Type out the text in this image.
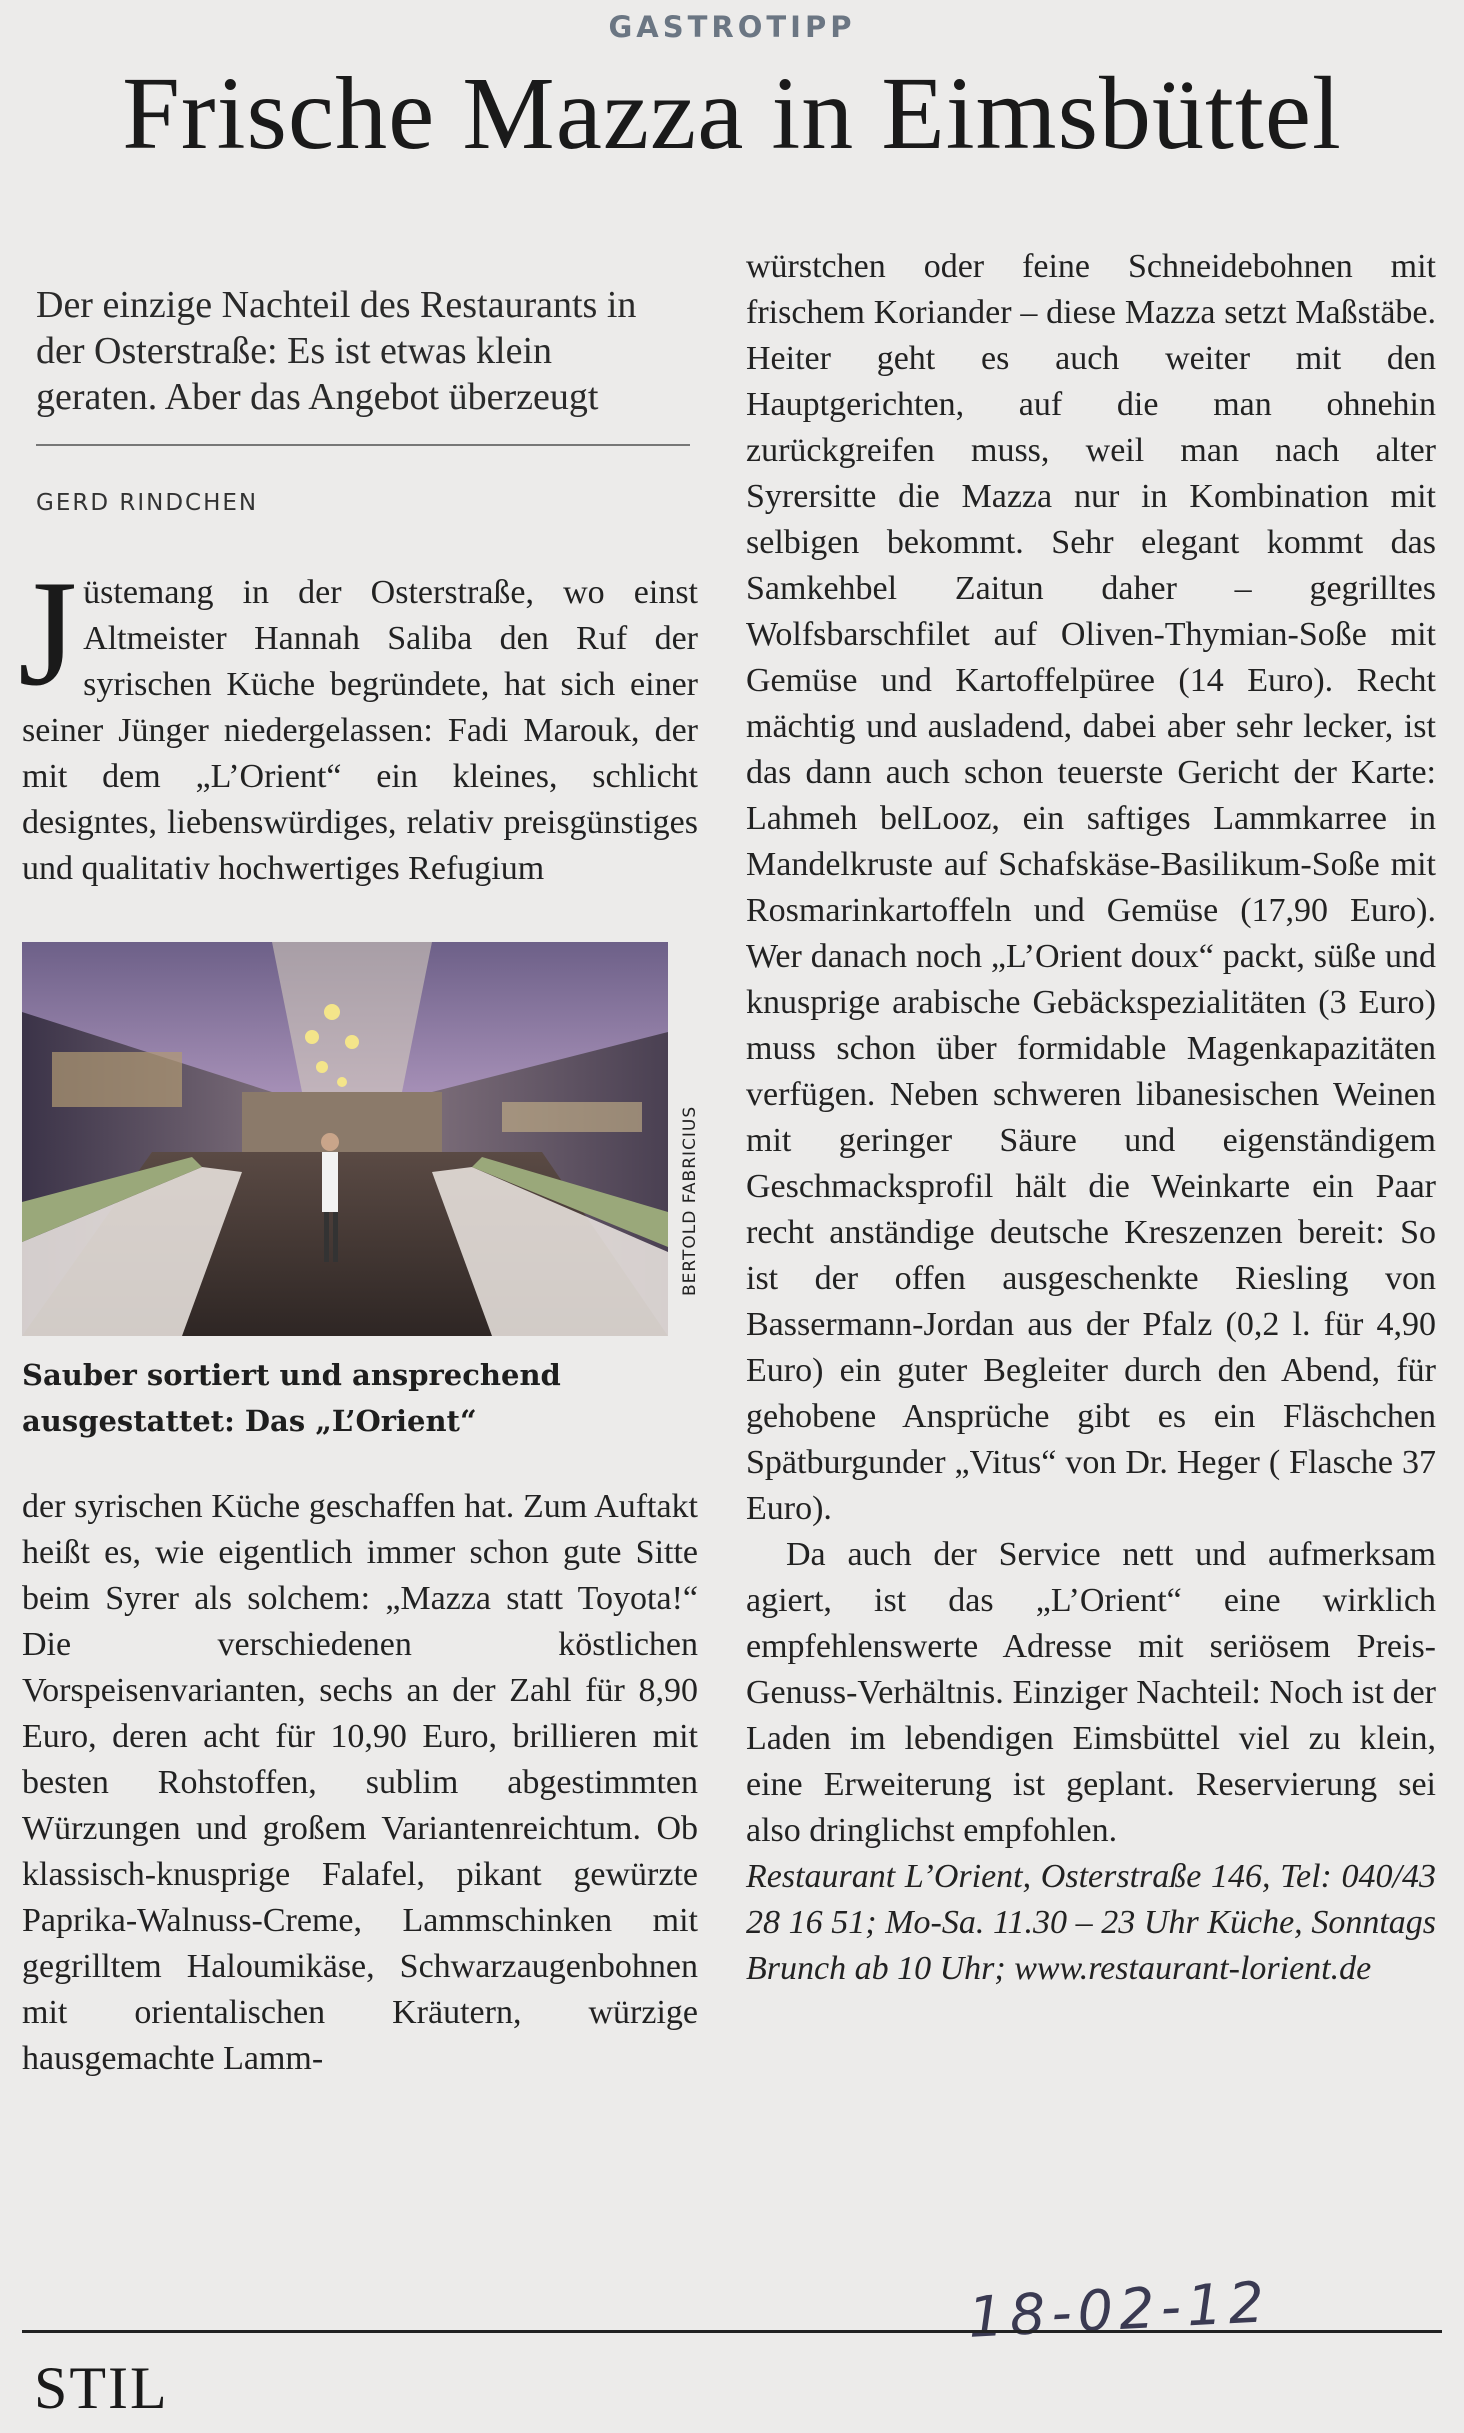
GASTROTIPP
Frische Mazza in Eimsbüttel
Der einzige Nachteil des Restaurants in der Osterstraße: Es ist etwas klein geraten. Aber das Angebot überzeugt
GERD RINDCHEN
J üstemang in der Osterstraße, wo einst Altmeister Hannah Saliba den Ruf der syrischen Küche begründete, hat sich einer seiner Jünger niedergelassen: Fadi Marouk, der mit dem „L’Orient“ ein kleines, schlicht designtes, liebenswürdiges, relativ preisgünstiges und qualitativ hochwertiges Refugium
Sauber sortiert und ansprechend ausgestattet: Das „L’Orient“
der syrischen Küche geschaffen hat. Zum Auftakt heißt es, wie eigentlich immer schon gute Sitte beim Syrer als solchem: „Mazza statt Toyota!“ Die verschiedenen köstlichen Vorspeisenvarianten, sechs an der Zahl für 8,90 Euro, deren acht für 10,90 Euro, brillieren mit besten Rohstoffen, sublim abgestimmten Würzungen und großem Variantenreichtum. Ob klassisch-knusprige Falafel, pikant gewürzte Paprika-Walnuss-Creme, Lammschinken mit gegrilltem Haloumikäse, Schwarzaugenbohnen mit orientalischen Kräutern, würzige hausgemachte Lamm-
BERTOLD FABRICIUS

würstchen oder feine Schneidebohnen mit frischem Koriander – diese Mazza setzt Maßstäbe. Heiter geht es auch weiter mit den Hauptgerichten, auf die man ohnehin zurückgreifen muss, weil man nach alter Syrersitte die Mazza nur in Kombination mit selbigen bekommt. Sehr elegant kommt das Samkehbel Zaitun daher – gegrilltes Wolfsbarschfilet auf Oliven-Thymian-Soße mit Gemüse und Kartoffelpüree (14 Euro). Recht mächtig und ausladend, dabei aber sehr lecker, ist das dann auch schon teuerste Gericht der Karte: Lahmeh belLooz, ein saftiges Lammkarree in Mandelkruste auf Schafskäse-Basilikum-Soße mit Rosmarinkartoffeln und Gemüse (17,90 Euro). Wer danach noch „L’Orient doux“ packt, süße und knusprige arabische Gebäckspezialitäten (3 Euro) muss schon über formidable Magenkapazitäten verfügen. Neben schweren libanesischen Weinen mit geringer Säure und eigenständigem Geschmacksprofil hält die Weinkarte ein Paar recht anständige deutsche Kreszenzen bereit: So ist der offen ausgeschenkte Riesling von Bassermann-Jordan aus der Pfalz (0,2 l. für 4,90 Euro) ein guter Begleiter durch den Abend, für gehobene Ansprüche gibt es ein Fläschchen Spätburgunder „Vitus“ von Dr. Heger ( Flasche 37 Euro).

Da auch der Service nett und aufmerksam agiert, ist das „L’Orient“ eine wirklich empfehlenswerte Adresse mit seriösem Preis-Genuss-Verhältnis. Einziger Nachteil: Noch ist der Laden im lebendigen Eimsbüttel viel zu klein, eine Erweiterung ist geplant. Reservierung sei also dringlichst empfohlen.

Restaurant L’Orient, Osterstraße 146, Tel: 040/43 28 16 51; Mo-Sa. 11.30 – 23 Uhr Küche, Sonntags Brunch ab 10 Uhr; www.restaurant-lorient.de

18-02-12
STIL
